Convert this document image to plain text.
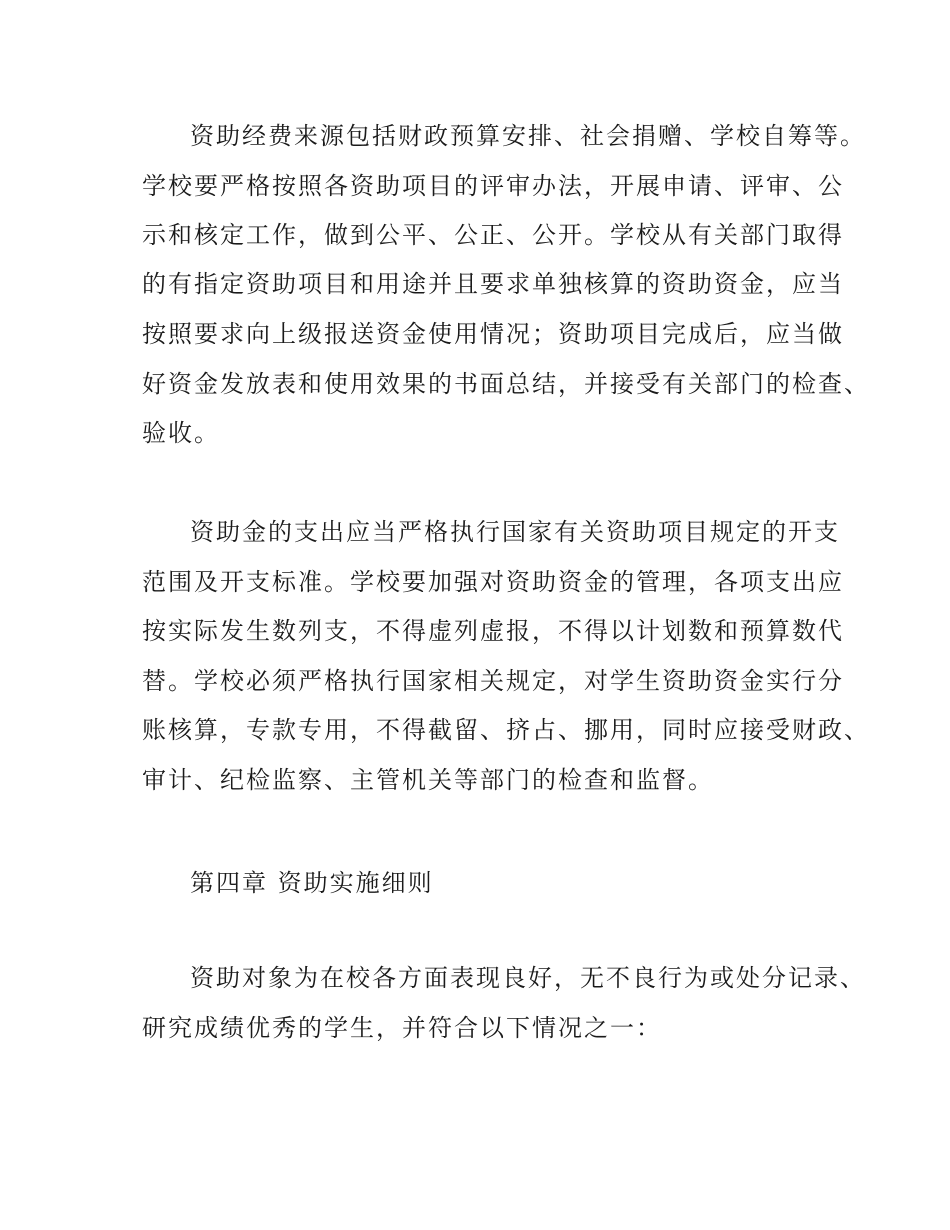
资助经费来源包括财政预算安排、社会捐赠、学校自筹等。
学校要严格按照各资助项目的评审办法，开展申请、评审、公
示和核定工作，做到公平、公正、公开。学校从有关部门取得
的有指定资助项目和用途并且要求单独核算的资助资金，应当
按照要求向上级报送资金使用情况；资助项目完成后，应当做
好资金发放表和使用效果的书面总结，并接受有关部门的检查、
验收。
资助金的支出应当严格执行国家有关资助项目规定的开支
范围及开支标准。学校要加强对资助资金的管理，各项支出应
按实际发生数列支，不得虚列虚报，不得以计划数和预算数代
替。学校必须严格执行国家相关规定，对学生资助资金实行分
账核算，专款专用，不得截留、挤占、挪用，同时应接受财政、
审计、纪检监察、主管机关等部门的检查和监督。
第四章 资助实施细则
资助对象为在校各方面表现良好，无不良行为或处分记录、
研究成绩优秀的学生，并符合以下情况之一：
